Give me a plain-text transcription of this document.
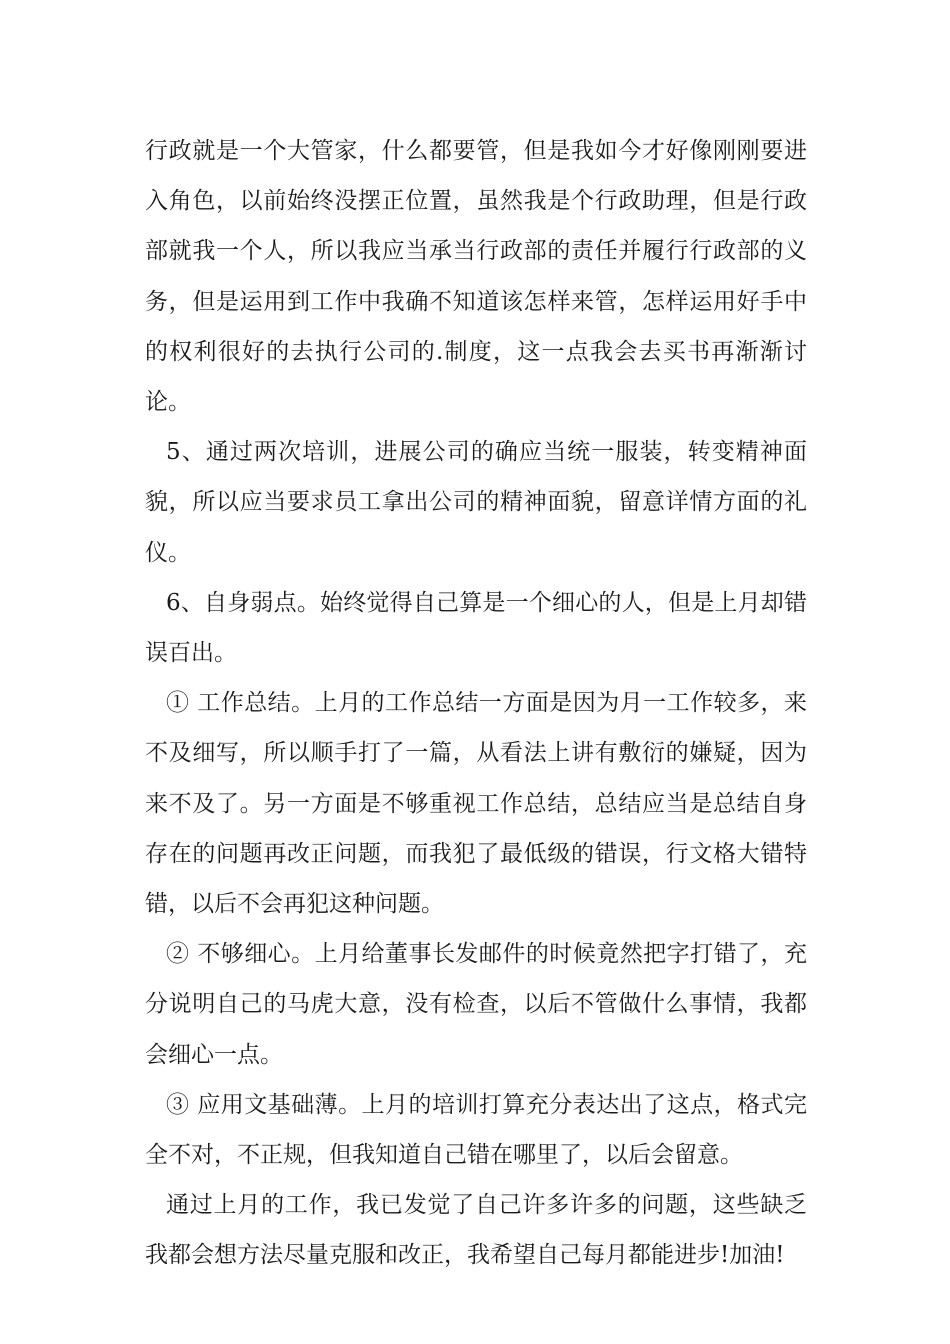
行政就是一个大管家，什么都要管，但是我如今才好像刚刚要进入角色，以前始终没摆正位置，虽然我是个行政助理，但是行政部就我一个人，所以我应当承当行政部的责任并履行行政部的义务，但是运用到工作中我确不知道该怎样来管，怎样运用好手中的权利很好的去执行公司的.制度，这一点我会去买书再渐渐讨论。

5、通过两次培训，进展公司的确应当统一服装，转变精神面貌，所以应当要求员工拿出公司的精神面貌，留意详情方面的礼仪。

6、自身弱点。始终觉得自己算是一个细心的人，但是上月却错误百出。

① 工作总结。上月的工作总结一方面是因为月一工作较多，来不及细写，所以顺手打了一篇，从看法上讲有敷衍的嫌疑，因为来不及了。另一方面是不够重视工作总结，总结应当是总结自身存在的问题再改正问题，而我犯了最低级的错误，行文格大错特错，以后不会再犯这种问题。

② 不够细心。上月给董事长发邮件的时候竟然把字打错了，充分说明自己的马虎大意，没有检查，以后不管做什么事情，我都会细心一点。

③ 应用文基础薄。上月的培训打算充分表达出了这点，格式完全不对，不正规，但我知道自己错在哪里了，以后会留意。

通过上月的工作，我已发觉了自己许多许多的问题，这些缺乏我都会想方法尽量克服和改正，我希望自己每月都能进步!加油!
